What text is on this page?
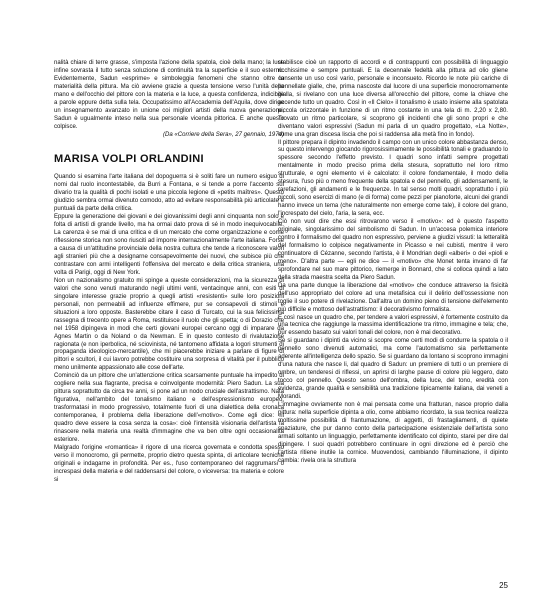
nalità chiare di terre grasse, s'imposta l'azione della spatola, cioè della mano; la luce infine sovrasta il tutto senza soluzione di continuità tra la superficie e il suo esterno. Evidentemente, Sadun «esprime» e simboleggia fenomeni che stanno oltre la materialità della pittura. Ma ciò avviene grazie a questa tensione verso l'unità della mano e dell'occhio del pittore con la materia e la luce, a questa confidenza, indicibile a parole eppure detta sulla tela. Occupatissimo all'Accademia dell'Aquila, dove dirige un insegnamento avanzato in unione coi migliori artisti della nuova generazione, Sadun è ugualmente inteso nella sua personale vicenda pittorica. E anche questo colpisce.

(Da «Corriere della Sera», 27 gennaio, 1974)

MARISA VOLPI ORLANDINI

Quando si esamina l'arte italiana del dopoguerra si è soliti fare un numero esiguo di nomi dal ruolo incontestabile, da Burri a Fontana, e si tende a porre l'accento sul divario tra la qualità di pochi isolati e una piccola legione di «petits maîtres». Questo giudizio sembra ormai divenuto comodo, atto ad evitare responsabilità più articolate e puntuali da parte della critica.

Eppure la generazione dei giovani e dei giovanissimi degli anni cinquanta non solo è folta di artisti di grande livello, ma ha ormai dato prova di sé in modo inequivocabile. La carenza è se mai di una critica e di un mercato che come organizzazione e come riflessione storica non sono riusciti ad imporre internazionalmente l'arte italiana. Forse a causa di un'attitudine provinciale della nostra cultura che tende a riconoscere valori agli stranieri più che a designarne consapevolmente dei nuovi, che subisce più che contrastare con armi intelligenti l'offensiva del mercato e della critica straniera, una volta di Parigi, oggi di New York.

Non un nazionalismo gratuito mi spinge a queste considerazioni, ma la sicurezza di valori che sono venuti maturando negli ultimi venti, ventacinque anni, con esiti di singolare interesse grazie proprio a quegli artisti «resistenti» sulle loro posizioni personali, non permeabili ad influenze effimere, pur se consapevoli di stimoli e situazioni a loro opposte. Basterebbe citare il caso di Turcato, cui la sua felicissima rassegna di trecento opere a Roma, restituisce il ruolo che gli spetta; o di Dorazio che nel 1958 dipingeva in modi che certi giovani europei cercano oggi di imparare da Agnes Martin o da Noland o da Newman. E in questo contesto di rivalutazione ragionata (e non iperbolica, né sciovinista, né tantomeno affidata a logori strumenti di propaganda ideologico-mercantile), che mi piacerebbe iniziare a parlare di figure di pittori e scultori, il cui lavoro potrebbe costituire una sorpresa di vitalità per il pubblico meno unilmente appassionato alle cose dell'arte.

Cominciò da un pittore che un'attenzione critica scarsamente puntuale ha impedito di cogliere nella sua flagrante, precisa e coinvolgente modernità: Piero Sadun. La sua pittura soprattutto da circa tre anni, si pone ad un nodo cruciale dell'astrattismo. Nata figurativa, nell'ambito del tonalismo italiano e dell'espressionismo europeo, trasformatasi in modo progressivo, totalmente fuori di una dialettica della cronaca contemporanea, il problema della liberazione dell'«motivo». Come egli dice: «il quadro deve essere la cosa senza la cosa»: cioè l'intensità visionaria dell'artista fa rinascere nella materia una realtà d'immagine che va ben oltre ogni occasionalità esteriore.

Malgrado l'origine «romantica» il rigore di una ricerca governata e condotta spesso verso il monocromo, gli permette, proprio dietro questa spinta, di articolare tecniche originali e indagarne in profondità. Per es., l'uso contemporaneo del raggrumarsi o increspasi della materia e del raddensarsi del colore, o viceversa: tra materia e colore si

stabilisce cioè un rapporto di accordi e di contrappunti con possibilità di linguaggio ricchissime e sempre puntuali. E la decennale fedeltà alla pittura ad olio gliene consente un uso così vario, personale e inconsueto. Ricordo le note più cariche di pennellate gialle, che, prima nascoste dal lucore di una superficie monocromamente gialla, si rivelano con una luce diversa all'orecchio del pittore, come la chiave che accende tutto un quadro. Così in «Il Cielo» il tonalismo è usato insieme alla spatolata piccola orizzontale in funzione di un ritmo costante in una tela di m. 2,20 x 2,80. Trovato un ritmo particolare, si scoprono gli incidenti che gli sono propri e che diventano valori espressivi (Sadun mi parla di un quadro progettato, «La Notte», come una gran discesa liscia che poi si raddensa alla metà fino in fondo).

Il pittore prepara il dipinto invadendo il campo con un unico colore abbastanza denso, su questo intervengo giocando rigorosissimamente le possibilità tonali e graduando lo spessore secondo l'effetto previsto. I quadri sono infatti sempre progettati mentalmente in modo preciso prima della stesura, soprattutto nel loro ritmo strutturale, e ogni elemento vi è calcolato: il colore fondamentale, il modo della stesura, l'uso più o meno frequente della spatola e del pennello, gli addensamenti, le rarefazioni, gli andamenti e le frequenze. In tal senso molti quadri, soprattutto i più piccoli, sono esercizi di mano (e di forma) come pezzi per pianoforte, alcuni dei grandi hanno invece un tema (che naturalmente non emerge come tale), il colore del grano, l'increspato del cielo, l'aria, la sera, ecc.

Ciò non vuol dire che essi ritrovarono verso il «motivo»: ed è questo l'aspetto originale, singolarissimo del simbolismo di Sadun. In un'accesa polemica interiore contro il formalismo del quadro non espressivo, perviene a giudizi vissuti: la letteralità del formalismo lo colpisce negativamente in Picasso e nei cubisti, mentre il vero continuatore di Cézanne, secondo l'artista, è il Mondrian degli «alberi» o dei «pioli e meno». D'altra parte — egli ne dice — il «motivo» che Monet tenta invano di far sprofondare nel suo mare pittorico, riemerge in Bonnard, che si colloca quindi a lato della strada maestra scelta da Piero Sadun.

Da una parte dunque la liberazione dal «motivo» che conduce attraverso la fisicità dell'uso appropriato del colore ad una metafisica cui il delirio dell'ossessione non toglie il suo potere di rivelazione. Dall'altra un domino pieno di tensione dell'elemento più difficile e mottoso dell'astrattismo: il decorativismo formalista.

E così nasce un quadro che, per tendere a valori espressivi, è fortemente costruito da una tecnica che raggiunge la massima identificazione tra ritmo, immagine e tela; che, pur essendo basato sui valori tonali del colore, non è mai decorativo.

Se si guardano i dipinti da vicino si scopre come certi modi di condurre la spatola o il pennello sono divenuti automatici, ma come l'automatismo sia perfettamente aderente all'intelligenza dello spazio. Se si guardano da lontano si scoprono immagini d'una natura che nasce li, dal quadro di Sadun: un premiere di tutti o un premiere di ombre, un tenderesi di riflessi, un aprirsi di larghe pause di colore più leggero, dato tocco col pennello. Questo senso dell'ombra, della luce, del tono, eredità con evidenza, grande qualità e sensibilità una tradizione tipicamente italiana, dai veneti a Morandi.

L'immagine ovviamente non è mai pensata come una fratturan, nasce proprio dalla pittura: nella superficie dipinta a olio, come abbiamo ricordato, la sua tecnica realizza moltissime possibilità di frantumazione, di aggetti, di frastagliamenti, di quiete spaziature, che pur danno conto della partecipazione esistenziale dell'artista sono armati soltanto un linguaggio, perfettamente identificato col dipinto, starei per dire dal dipingere. I suoi quadri potrebbero continuare in ogni direzione ed è perciò che l'artista ritiene inutile la cornice. Muovendosi, cambiando l'illuminazione, il dipinto cambia: rivela ora la struttura

25
